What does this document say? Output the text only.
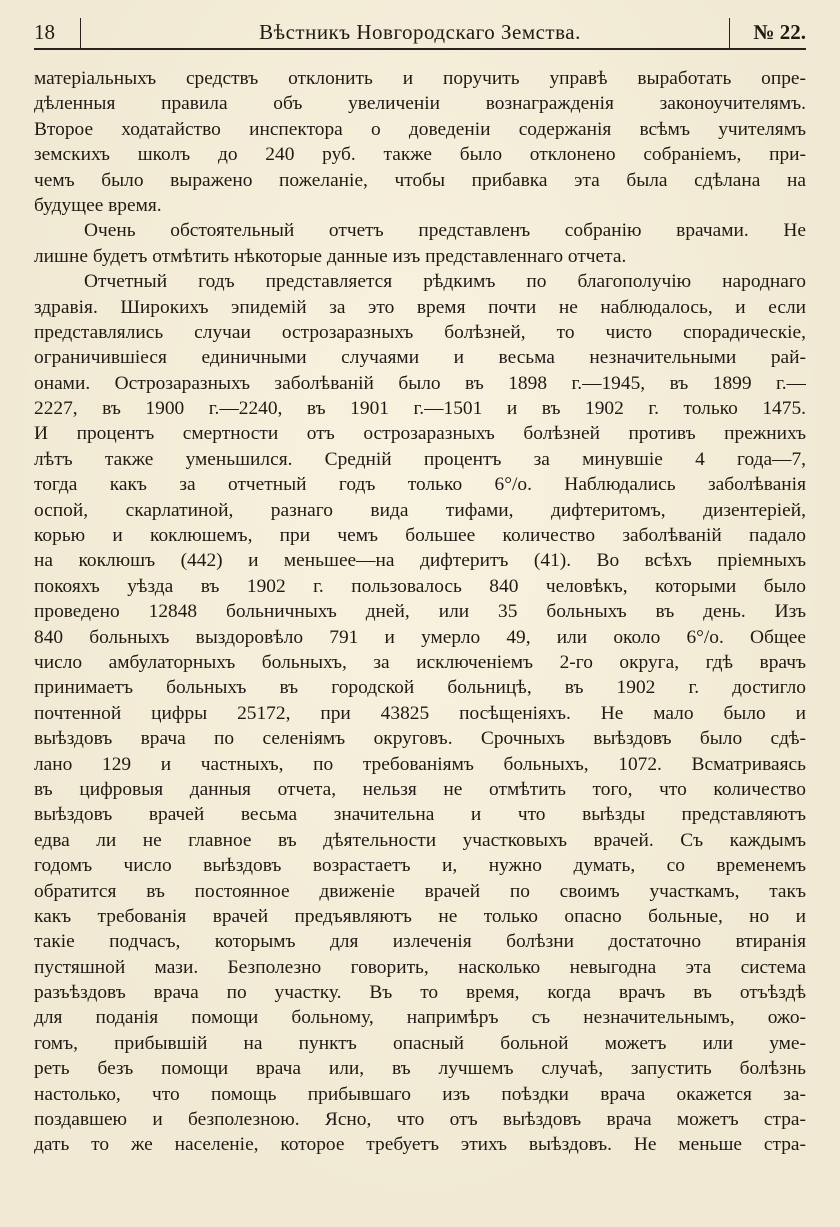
18	Вѣстникъ Новгородскаго Земства.	№ 22.
матеріальныхъ средствъ отклонить и поручить управѣ выработать опре-
дѣленныя правила объ увеличеніи вознагражденія законоучителямъ.
Второе ходатайство инспектора о доведеніи содержанія всѣмъ учителямъ
земскихъ школъ до 240 руб. также было отклонено собраніемъ, при-
чемъ было выражено пожеланіе, чтобы прибавка эта была сдѣлана на
будущее время.
Очень обстоятельный отчетъ представленъ собранію врачами. Не
лишне будетъ отмѣтить нѣкоторые данные изъ представленнаго отчета.
Отчетный годъ представляется рѣдкимъ по благополучію народнаго
здравія. Широкихъ эпидемій за это время почти не наблюдалось, и если
представлялись случаи острозаразныхъ болѣзней, то чисто спорадическіе,
ограничившіеся единичными случаями и весьма незначительными рай-
онами. Острозаразныхъ заболѣваній было въ 1898 г.—1945, въ 1899 г.—
2227, въ 1900 г.—2240, въ 1901 г.—1501 и въ 1902 г. только 1475.
И процентъ смертности отъ острозаразныхъ болѣзней противъ прежнихъ
лѣтъ также уменьшился. Средній процентъ за минувшіе 4 года—7,
тогда какъ за отчетный годъ только 6°/о. Наблюдались заболѣванія
оспой, скарлатиной, разнаго вида тифами, дифтеритомъ, дизентеріей,
корью и коклюшемъ, при чемъ большее количество заболѣваній падало
на коклюшъ (442) и меньшее—на дифтеритъ (41). Во всѣхъ пріемныхъ
покояхъ уѣзда въ 1902 г. пользовалось 840 человѣкъ, которыми было
проведено 12848 больничныхъ дней, или 35 больныхъ въ день. Изъ
840 больныхъ выздоровѣло 791 и умерло 49, или около 6°/о. Общее
число амбулаторныхъ больныхъ, за исключеніемъ 2-го округа, гдѣ врачъ
принимаетъ больныхъ въ городской больницѣ, въ 1902 г. достигло
почтенной цифры 25172, при 43825 посѣщеніяхъ. Не мало было и
выѣздовъ врача по селеніямъ округовъ. Срочныхъ выѣздовъ было сдѣ-
лано 129 и частныхъ, по требованіямъ больныхъ, 1072. Всматриваясь
въ цифровыя данныя отчета, нельзя не отмѣтить того, что количество
выѣздовъ врачей весьма значительна и что выѣзды представляютъ
едва ли не главное въ дѣятельности участковыхъ врачей. Съ каждымъ
годомъ число выѣздовъ возрастаетъ и, нужно думать, со временемъ
обратится въ постоянное движеніе врачей по своимъ участкамъ, такъ
какъ требованія врачей предъявляютъ не только опасно больные, но и
такіе подчасъ, которымъ для излеченія болѣзни достаточно втиранія
пустяшной мази. Безполезно говорить, насколько невыгодна эта система
разъѣздовъ врача по участку. Въ то время, когда врачъ въ отъѣздѣ
для поданія помощи больному, напримѣръ съ незначительнымъ, ожо-
гомъ, прибывшій на пунктъ опасный больной можетъ или уме-
реть безъ помощи врача или, въ лучшемъ случаѣ, запустить болѣзнь
настолько, что помощь прибывшаго изъ поѣздки врача окажется за-
поздавшею и безполезною. Ясно, что отъ выѣздовъ врача можетъ стра-
дать то же населеніе, которое требуетъ этихъ выѣздовъ. Не меньше стра-
